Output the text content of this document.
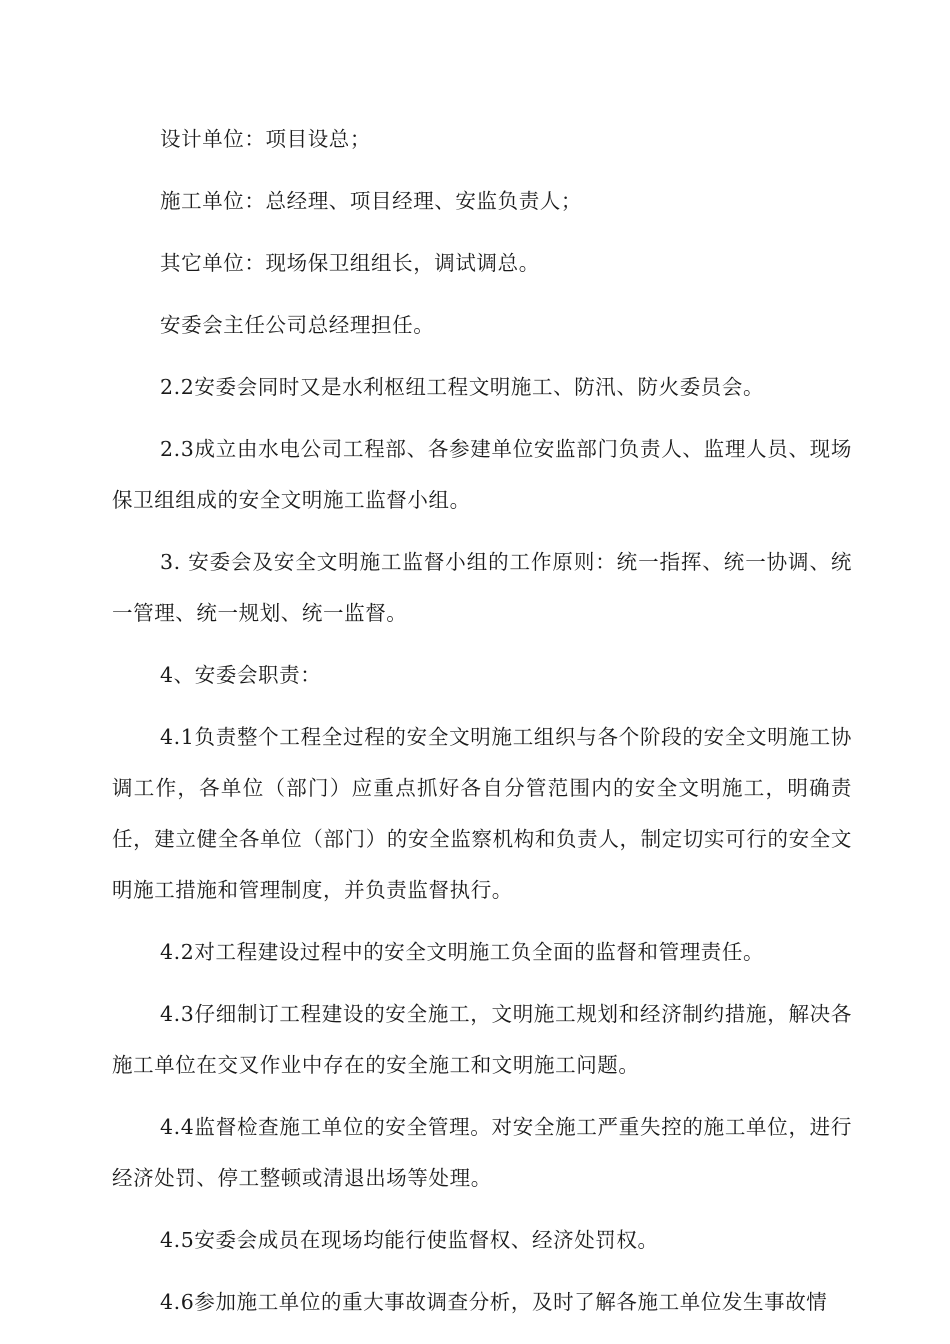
设计单位：项目设总；

施工单位：总经理、项目经理、安监负责人；

其它单位：现场保卫组组长，调试调总。

安委会主任公司总经理担任。

2.2安委会同时又是水利枢纽工程文明施工、防汛、防火委员会。

2.3成立由水电公司工程部、各参建单位安监部门负责人、监理人员、现场保卫组组成的安全文明施工监督小组。

3. 安委会及安全文明施工监督小组的工作原则：统一指挥、统一协调、统一管理、统一规划、统一监督。

4、安委会职责：

4.1负责整个工程全过程的安全文明施工组织与各个阶段的安全文明施工协调工作，各单位（部门）应重点抓好各自分管范围内的安全文明施工，明确责任，建立健全各单位（部门）的安全监察机构和负责人，制定切实可行的安全文明施工措施和管理制度，并负责监督执行。

4.2对工程建设过程中的安全文明施工负全面的监督和管理责任。

4.3仔细制订工程建设的安全施工，文明施工规划和经济制约措施，解决各施工单位在交叉作业中存在的安全施工和文明施工问题。

4.4监督检查施工单位的安全管理。对安全施工严重失控的施工单位，进行经济处罚、停工整顿或清退出场等处理。

4.5安委会成员在现场均能行使监督权、经济处罚权。

4.6参加施工单位的重大事故调查分析，及时了解各施工单位发生事故情
